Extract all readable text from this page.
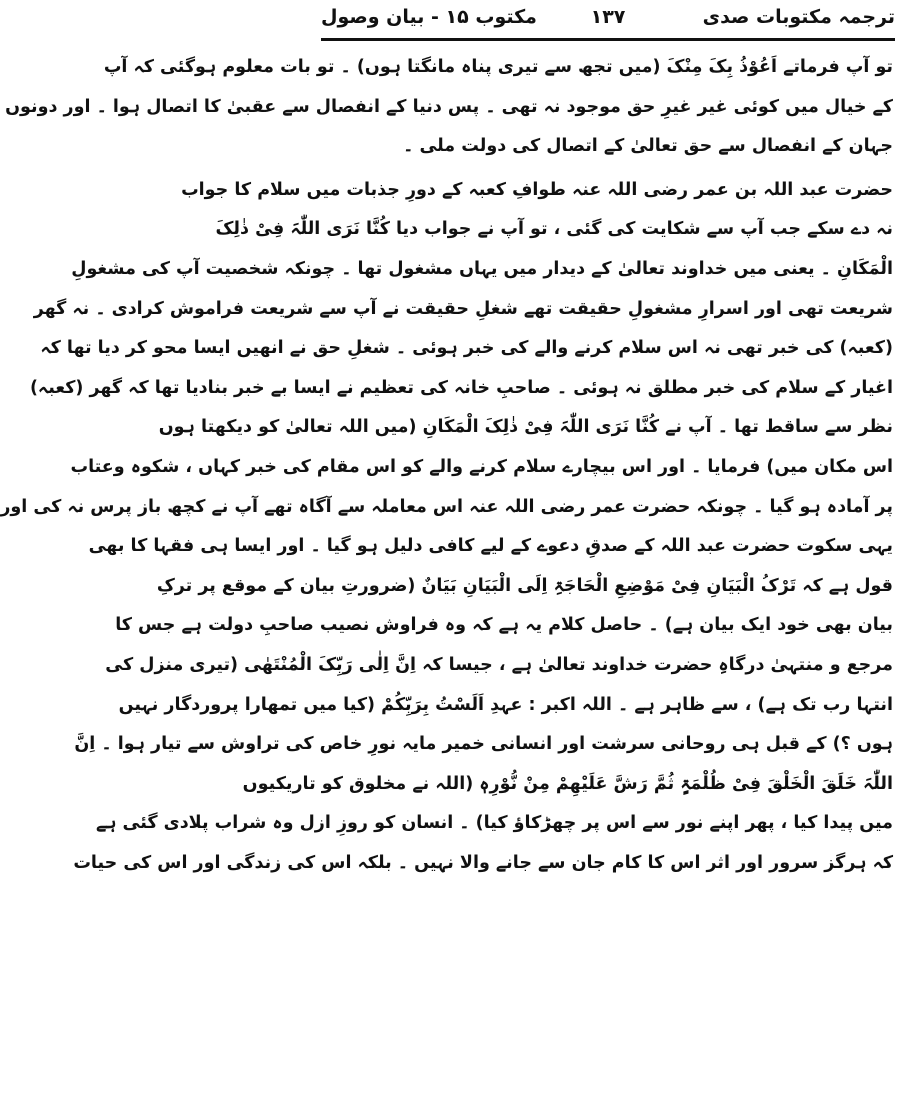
ترجمہ مکتوبات صدی
۱۳۷
مکتوب ۱۵ - بیان وصول
تو آپ فرماتے اَعُوْذُ بِکَ مِنْکَ (میں تجھ سے تیری پناہ مانگتا ہوں) ۔ تو بات معلوم ہوگئی کہ آپ
کے خیال میں کوئی غیر غیرِ حق موجود نہ تھی ۔ پس دنیا کے انفصال سے عقبیٰ کا اتصال ہوا ۔ اور دونوں
جہان کے انفصال سے حق تعالیٰ کے اتصال کی دولت ملی ۔
حضرت عبد اللہ بن عمر رضی اللہ عنہ طوافِ کعبہ کے دورِ جذبات میں سلام کا جواب
نہ دے سکے جب آپ سے شکایت کی گئی ، تو آپ نے جواب دیا کُنَّا نَرَی اللّٰہَ فِیْ ذٰلِکَ
الْمَکَانِ ۔ یعنی میں خداوند تعالیٰ کے دیدار میں یہاں مشغول تھا ۔ چونکہ شخصیت آپ کی مشغولِ
شریعت تھی اور اسرارِ مشغولِ حقیقت تھے شغلِ حقیقت نے آپ سے شریعت فراموش کرادی ۔ نہ گھر
(کعبہ) کی خبر تھی نہ اس سلام کرنے والے کی خبر ہوئی ۔ شغلِ حق نے انھیں ایسا محو کر دیا تھا کہ
اغیار کے سلام کی خبر مطلق نہ ہوئی ۔ صاحبِ خانہ کی تعظیم نے ایسا بے خبر بنادیا تھا کہ گھر (کعبہ)
نظر سے ساقط تھا ۔ آپ نے کُنَّا نَرَی اللّٰہَ فِیْ ذٰلِکَ الْمَکَانِ (میں اللہ تعالیٰ کو دیکھتا ہوں
اس مکان میں) فرمایا ۔ اور اس بیچارے سلام کرنے والے کو اس مقام کی خبر کہاں ، شکوہ وعتاب
پر آمادہ ہو گیا ۔ چونکہ حضرت عمر رضی اللہ عنہ اس معاملہ سے آگاہ تھے آپ نے کچھ باز پرس نہ کی اور
یہی سکوت حضرت عبد اللہ کے صدقِ دعوے کے لیے کافی دلیل ہو گیا ۔ اور ایسا ہی فقہا کا بھی
قول ہے کہ تَرْکُ الْبَیَانِ فِیْ مَوْضِعِ الْحَاجَۃِ اِلَی الْبَیَانِ بَیَانٌ (ضرورتِ بیان کے موقع پر ترکِ
بیان بھی خود ایک بیان ہے) ۔ حاصل کلام یہ ہے کہ وہ فراوش نصیب صاحبِ دولت ہے جس کا
مرجع و منتہیٰ درگاہِ حضرت خداوند تعالیٰ ہے ، جیسا کہ اِنَّ اِلٰی رَبِّکَ الْمُنْتَھٰی (تیری منزل کی
انتہا رب تک ہے) ، سے ظاہر ہے ۔ اللہ اکبر : عہدِ اَلَسْتُ بِرَبِّکُمْ (کیا میں تمھارا پروردگار نہیں
ہوں ؟) کے قبل ہی روحانی سرشت اور انسانی خمیر مایہ نورِ خاص کی تراوش سے تیار ہوا ۔ اِنَّ
اللّٰہَ خَلَقَ الْخَلْقَ فِیْ ظُلْمَۃٍ ثُمَّ رَشَّ عَلَیْھِمْ مِنْ نُّوْرِہٖ (اللہ نے مخلوق کو تاریکیوں
میں پیدا کیا ، پھر اپنے نور سے اس پر چھڑکاؤ کیا) ۔ انسان کو روزِ ازل وہ شراب پلادی گئی ہے
کہ ہرگز سرور اور اثر اس کا کام جان سے جانے والا نہیں ۔ بلکہ اس کی زندگی اور اس کی حیات
